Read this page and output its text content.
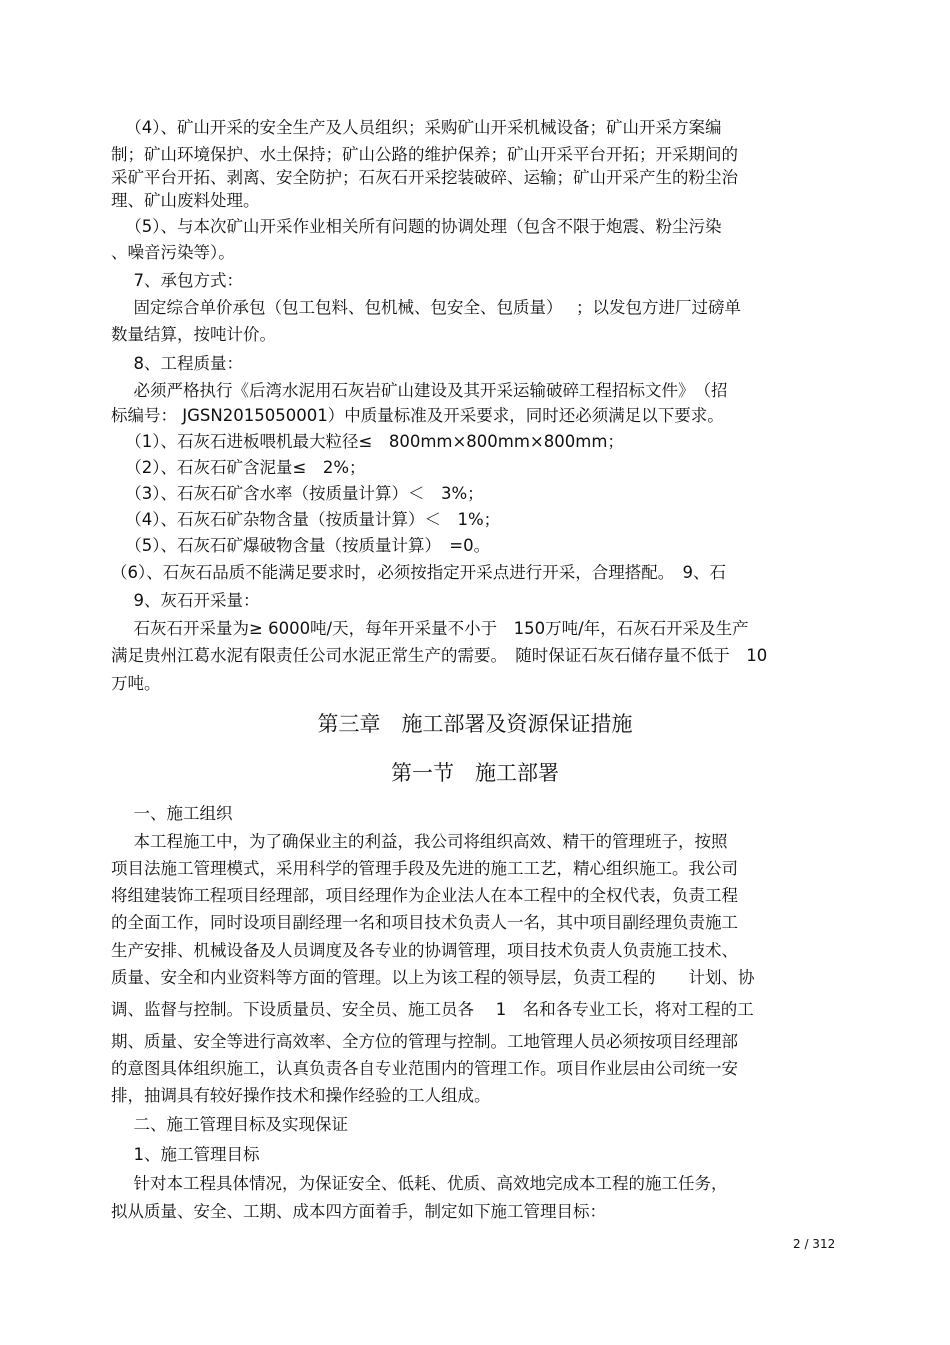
　（4）、矿山开采的安全生产及人员组织；采购矿山开采机械设备；矿山开采方案编
制；矿山环境保护、水土保持；矿山公路的维护保养；矿山开采平台开拓；开采期间的
采矿平台开拓、剥离、安全防护；石灰石开采挖装破碎、运输；矿山开采产生的粉尘治
理、矿山废料处理。
　（5）、与本次矿山开采作业相关所有问题的协调处理（包含不限于炮震、粉尘污染
、噪音污染等）。
　7、承包方式：
　固定综合单价承包（包工包料、包机械、包安全、包质量）　 ；以发包方进厂过磅单
数量结算，按吨计价。
　8、工程质量：
　必须严格执行《后湾水泥用石灰岩矿山建设及其开采运输破碎工程招标文件》　（招
标编号： JGSN2015050001）中质量标准及开采要求，同时还必须满足以下要求。
　（1）、石灰石进板喂机最大粒径≤　800mm×800mm×800mm；
　（2）、石灰石矿含泥量≤　2%；
　（3）、石灰石矿含水率（按质量计算）＜　3%；
　（4）、石灰石矿杂物含量（按质量计算）＜　1%；
　（5）、石灰石矿爆破物含量（按质量计算）　=0。
（6）、石灰石品质不能满足要求时，必须按指定开采点进行开采，合理搭配。　9、石
　9、灰石开采量：
　石灰石开采量为≥ 6000吨/天，每年开采量不小于　150万吨/年，石灰石开采及生产
满足贵州江葛水泥有限责任公司水泥正常生产的需要。　随时保证石灰石储存量不低于　10
万吨。
第三章　施工部署及资源保证措施
第一节　施工部署
　一、施工组织
　本工程施工中，为了确保业主的利益，我公司将组织高效、精干的管理班子，按照
项目法施工管理模式，采用科学的管理手段及先进的施工工艺，精心组织施工。我公司
将组建装饰工程项目经理部，项目经理作为企业法人在本工程中的全权代表，负责工程
的全面工作，同时设项目副经理一名和项目技术负责人一名，其中项目副经理负责施工
生产安排、机械设备及人员调度及各专业的协调管理，项目技术负责人负责施工技术、
质量、安全和内业资料等方面的管理。以上为该工程的领导层，负责工程的　　计划、协
调、监督与控制。下设质量员、安全员、施工员各　 1　名和各专业工长，将对工程的工
期、质量、安全等进行高效率、全方位的管理与控制。工地管理人员必须按项目经理部
的意图具体组织施工，认真负责各自专业范围内的管理工作。项目作业层由公司统一安
排，抽调具有较好操作技术和操作经验的工人组成。
　二、施工管理目标及实现保证
　1、施工管理目标
　针对本工程具体情况，为保证安全、低耗、优质、高效地完成本工程的施工任务，
拟从质量、安全、工期、成本四方面着手，制定如下施工管理目标：
2 / 312
